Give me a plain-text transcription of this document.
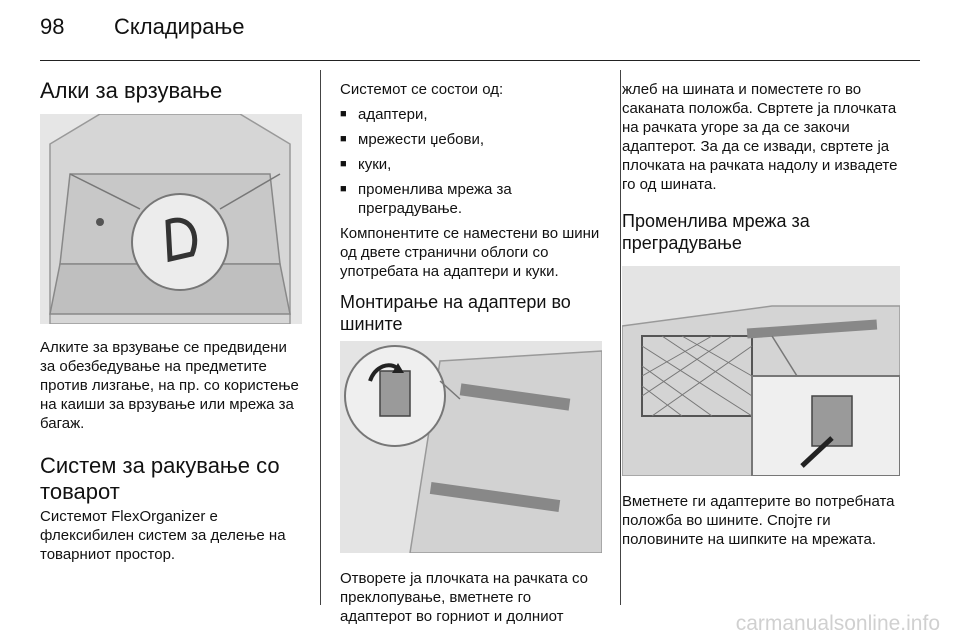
98 Складирање
Алки за врзување

Алките за врзување се предвидени за обезбедување на предметите против лизгање, на пр. со користење на каиши за врзување или мрежа за багаж.

Систем за ракување со товарот

Системот FlexOrganizer е флексибилен систем за делење на товарниот простор.

Системот се состои од:

■ адаптери,
■ мрежести џебови,
■ куки,
■ променлива мрежа за преградување.

Компонентите се наместени во шини од двете странични облоги со употребата на адаптери и куки.

Монтирање на адаптери во шините

Отворете ја плочката на рачката со преклопување, вметнете го адаптерот во горниот и долниот

жлеб на шината и поместете го во саканата положба. Свртете ја плочката на рачката угоре за да се закочи адаптерот. За да се извади, свртете ја плочката на рачката надолу и извадете го од шината.

Променлива мрежа за преградување

Вметнете ги адаптерите во потребната положба во шините. Спојте ги половините на шипките на мрежата.

carmanualsonline.info
